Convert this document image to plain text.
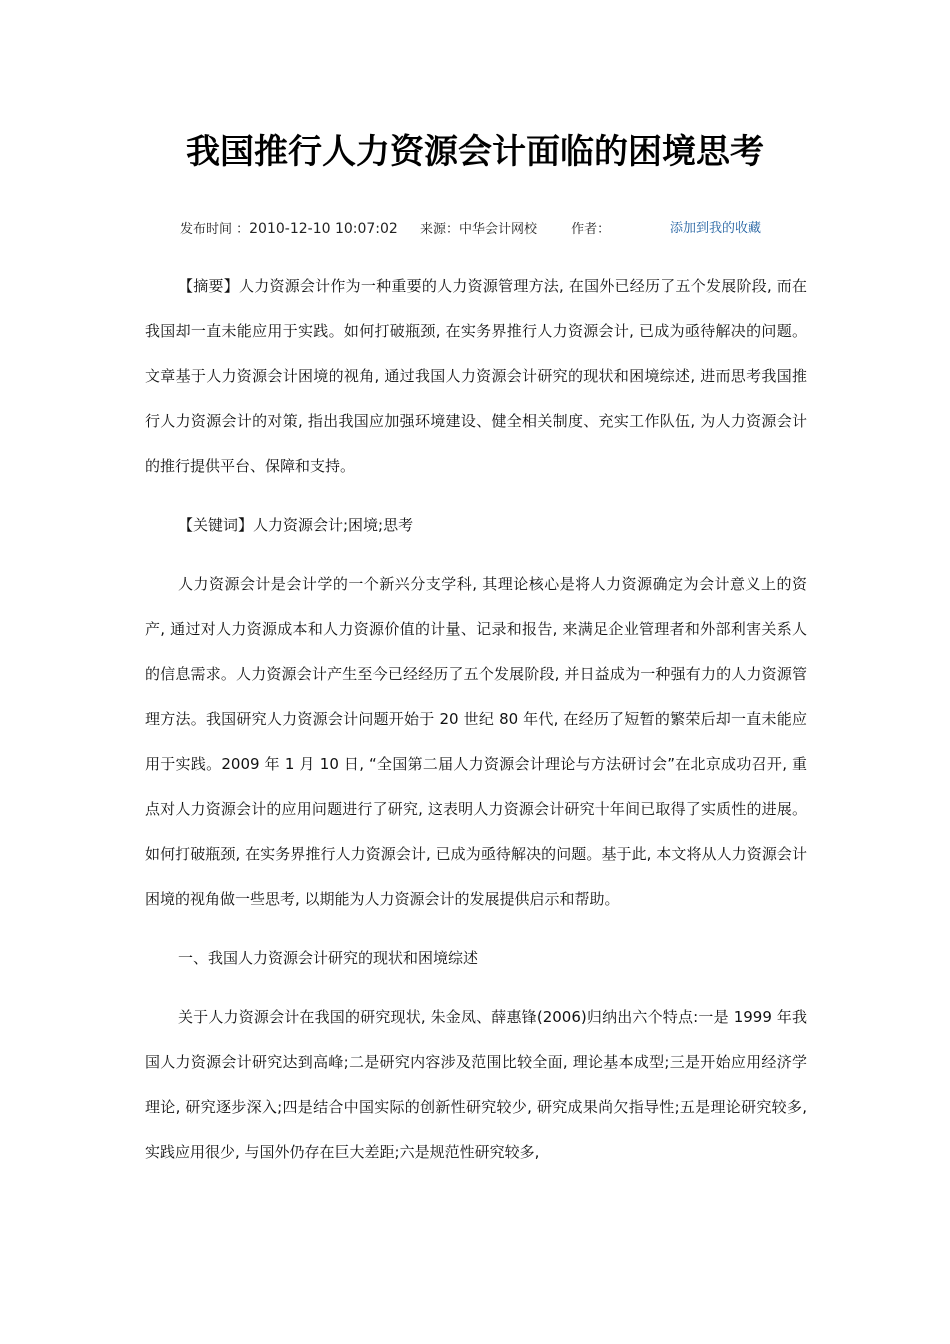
我国推行人力资源会计面临的困境思考
发布时间 ：2010-12-10 10:07:02 来源：中华会计网校	作者：	添加到我的收藏

【摘要】人力资源会计作为一种重要的人力资源管理方法, 在国外已经历了五个发展阶段, 而在我国却一直未能应用于实践。如何打破瓶颈, 在实务界推行人力资源会计, 已成为亟待解决的问题。文章基于人力资源会计困境的视角, 通过我国人力资源会计研究的现状和困境综述, 进而思考我国推行人力资源会计的对策, 指出我国应加强环境建设、健全相关制度、充实工作队伍, 为人力资源会计的推行提供平台、保障和支持。

【关键词】人力资源会计;困境;思考

人力资源会计是会计学的一个新兴分支学科, 其理论核心是将人力资源确定为会计意义上的资产, 通过对人力资源成本和人力资源价值的计量、记录和报告, 来满足企业管理者和外部利害关系人的信息需求。人力资源会计产生至今已经经历了五个发展阶段, 并日益成为一种强有力的人力资源管理方法。我国研究人力资源会计问题开始于 20 世纪 80 年代, 在经历了短暂的繁荣后却一直未能应用于实践。2009 年 1 月 10 日, “全国第二届人力资源会计理论与方法研讨会”在北京成功召开, 重点对人力资源会计的应用问题进行了研究, 这表明人力资源会计研究十年间已取得了实质性的进展。如何打破瓶颈, 在实务界推行人力资源会计, 已成为亟待解决的问题。基于此, 本文将从人力资源会计困境的视角做一些思考, 以期能为人力资源会计的发展提供启示和帮助。

一、我国人力资源会计研究的现状和困境综述

关于人力资源会计在我国的研究现状, 朱金凤、薛惠锋(2006)归纳出六个特点:一是 1999 年我国人力资源会计研究达到高峰;二是研究内容涉及范围比较全面, 理论基本成型;三是开始应用经济学理论, 研究逐步深入;四是结合中国实际的创新性研究较少, 研究成果尚欠指导性;五是理论研究较多, 实践应用很少, 与国外仍存在巨大差距;六是规范性研究较多,
